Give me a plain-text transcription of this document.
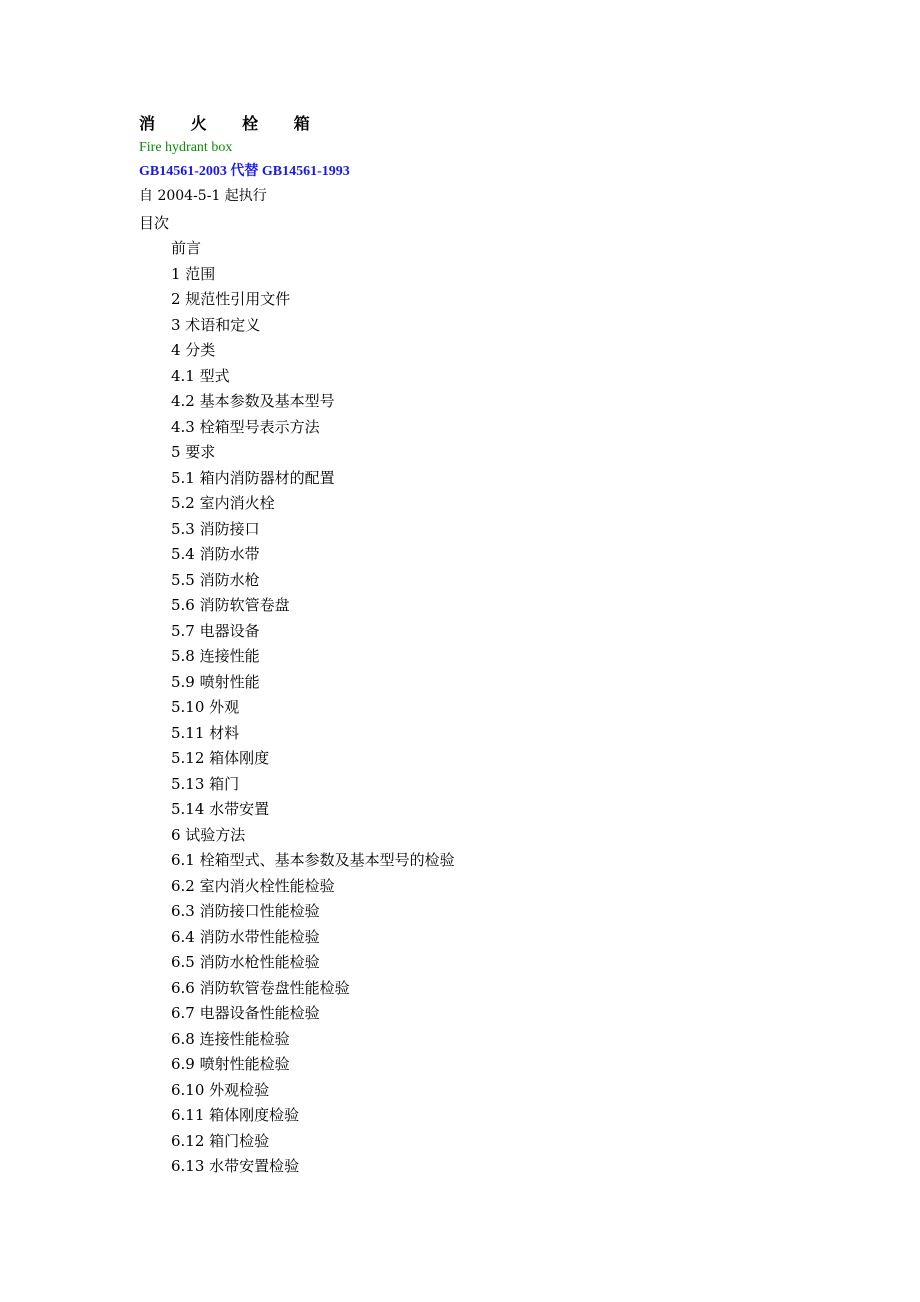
消 火 栓 箱
Fire hydrant box
GB14561-2003 代替 GB14561-1993
自 2004-5-1 起执行
目次
前言
1 范围
2 规范性引用文件
3 术语和定义
4 分类
4.1 型式
4.2 基本参数及基本型号
4.3 栓箱型号表示方法
5 要求
5.1 箱内消防器材的配置
5.2 室内消火栓
5.3 消防接口
5.4 消防水带
5.5 消防水枪
5.6 消防软管卷盘
5.7 电器设备
5.8 连接性能
5.9 喷射性能
5.10 外观
5.11 材料
5.12 箱体刚度
5.13 箱门
5.14 水带安置
6 试验方法
6.1 栓箱型式、基本参数及基本型号的检验
6.2 室内消火栓性能检验
6.3 消防接口性能检验
6.4 消防水带性能检验
6.5 消防水枪性能检验
6.6 消防软管卷盘性能检验
6.7 电器设备性能检验
6.8 连接性能检验
6.9 喷射性能检验
6.10 外观检验
6.11 箱体刚度检验
6.12 箱门检验
6.13 水带安置检验
